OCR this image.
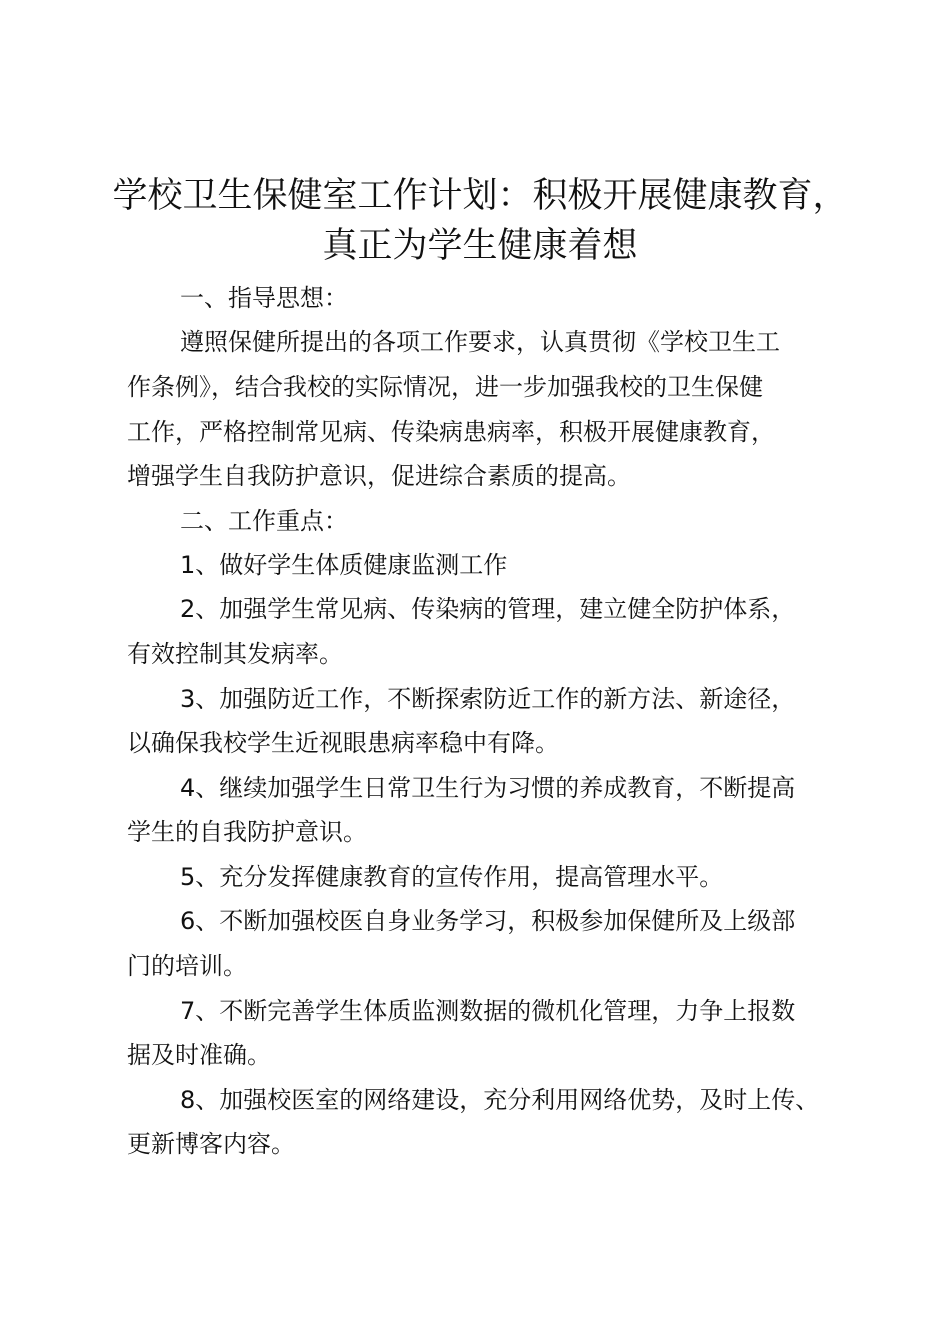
学校卫生保健室工作计划：积极开展健康教育，
真正为学生健康着想
一、指导思想：
遵照保健所提出的各项工作要求，认真贯彻《学校卫生工
作条例》，结合我校的实际情况，进一步加强我校的卫生保健
工作，严格控制常见病、传染病患病率，积极开展健康教育，
增强学生自我防护意识，促进综合素质的提高。
二、工作重点：
1、做好学生体质健康监测工作
2、加强学生常见病、传染病的管理，建立健全防护体系，
有效控制其发病率。
3、加强防近工作，不断探索防近工作的新方法、新途径，
以确保我校学生近视眼患病率稳中有降。
4、继续加强学生日常卫生行为习惯的养成教育，不断提高
学生的自我防护意识。
5、充分发挥健康教育的宣传作用，提高管理水平。
6、不断加强校医自身业务学习，积极参加保健所及上级部
门的培训。
7、不断完善学生体质监测数据的微机化管理，力争上报数
据及时准确。
8、加强校医室的网络建设，充分利用网络优势，及时上传、
更新博客内容。
